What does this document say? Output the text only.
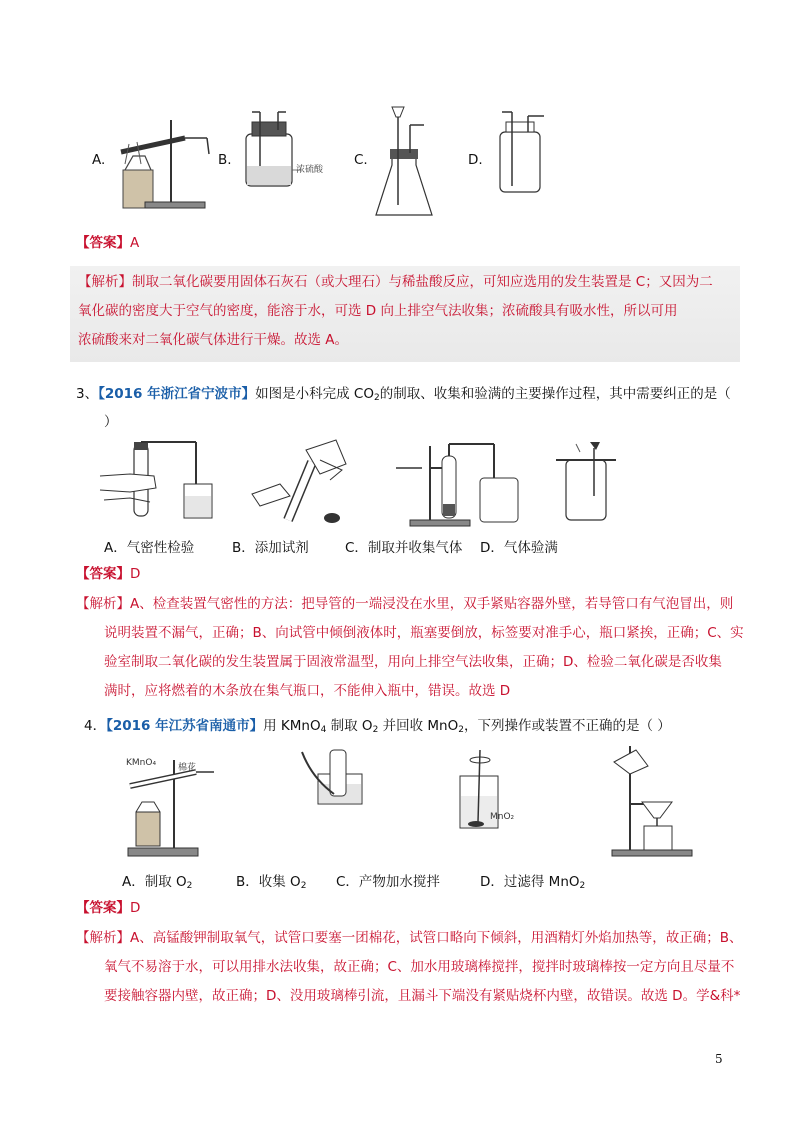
A.	B.	C.	D.
浓硫酸
【答案】A
【解析】制取二氧化碳要用固体石灰石（或大理石）与稀盐酸反应，可知应选用的发生装置是 C；又因为二
氧化碳的密度大于空气的密度，能溶于水，可选 D 向上排空气法收集；浓硫酸具有吸水性，所以可用
浓硫酸来对二氧化碳气体进行干燥。故选 A。
3、【2016 年浙江省宁波市】如图是小科完成 $CO_2$的制取、收集和验满的主要操作过程，其中需要纠正的是（
）
A．气密性检验	B．添加试剂	C．制取并收集气体 D．气体验满
【答案】D
【解析】A、检查装置气密性的方法：把导管的一端浸没在水里，双手紧贴容器外壁，若导管口有气泡冒出，则
说明装置不漏气，正确；B、向试管中倾倒液体时，瓶塞要倒放，标签要对准手心，瓶口紧挨，正确；C、实
验室制取二氧化碳的发生装置属于固液常温型，用向上排空气法收集，正确；D、检验二氧化碳是否收集
满时，应将燃着的木条放在集气瓶口，不能伸入瓶中，错误。故选 D
4．【2016 年江苏省南通市】用 KMnO$_4$ 制取 $O_2$ 并回收 MnO$_2$，下列操作或装置不正确的是（ ）
KMnO₄ 棉花
MnO₂
A．制取 $O_2$	B．收集 $O_2$ C．产物加水搅拌	D．过滤得 MnO$_2$
【答案】D
【解析】A、高锰酸钾制取氧气，试管口要塞一团棉花，试管口略向下倾斜，用酒精灯外焰加热等，故正确；B、
氧气不易溶于水，可以用排水法收集，故正确；C、加水用玻璃棒搅拌，搅拌时玻璃棒按一定方向且尽量不
要接触容器内壁，故正确；D、没用玻璃棒引流，且漏斗下端没有紧贴烧杯内壁，故错误。故选 D。学&科*
5
